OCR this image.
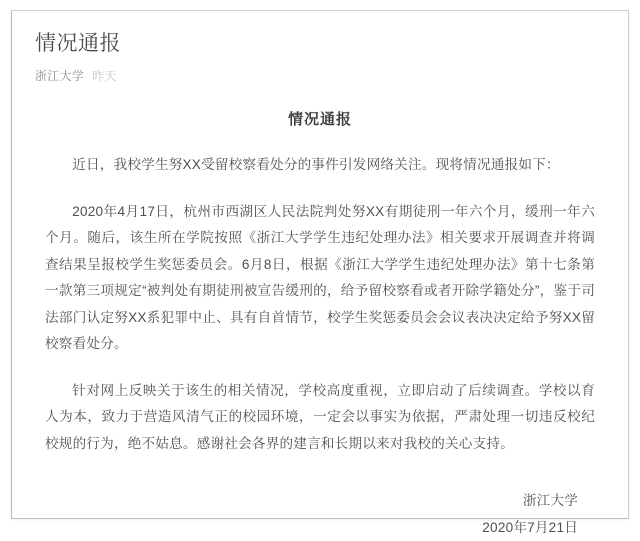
情况通报
浙江大学 昨天
情况通报

近日，我校学生努XX受留校察看处分的事件引发网络关注。现将情况通报如下：

2020年4月17日，杭州市西湖区人民法院判处努XX有期徒刑一年六个月，缓刑一年六个月。随后，该生所在学院按照《浙江大学学生违纪处理办法》相关要求开展调查并将调查结果呈报校学生奖惩委员会。6月8日，根据《浙江大学学生违纪处理办法》第十七条第一款第三项规定“被判处有期徒刑被宣告缓刑的，给予留校察看或者开除学籍处分”，鉴于司法部门认定努XX系犯罪中止、具有自首情节，校学生奖惩委员会会议表决决定给予努XX留校察看处分。

针对网上反映关于该生的相关情况，学校高度重视，立即启动了后续调查。学校以育人为本，致力于营造风清气正的校园环境，一定会以事实为依据，严肃处理一切违反校纪校规的行为，绝不姑息。感谢社会各界的建言和长期以来对我校的关心支持。

浙江大学
2020年7月21日
